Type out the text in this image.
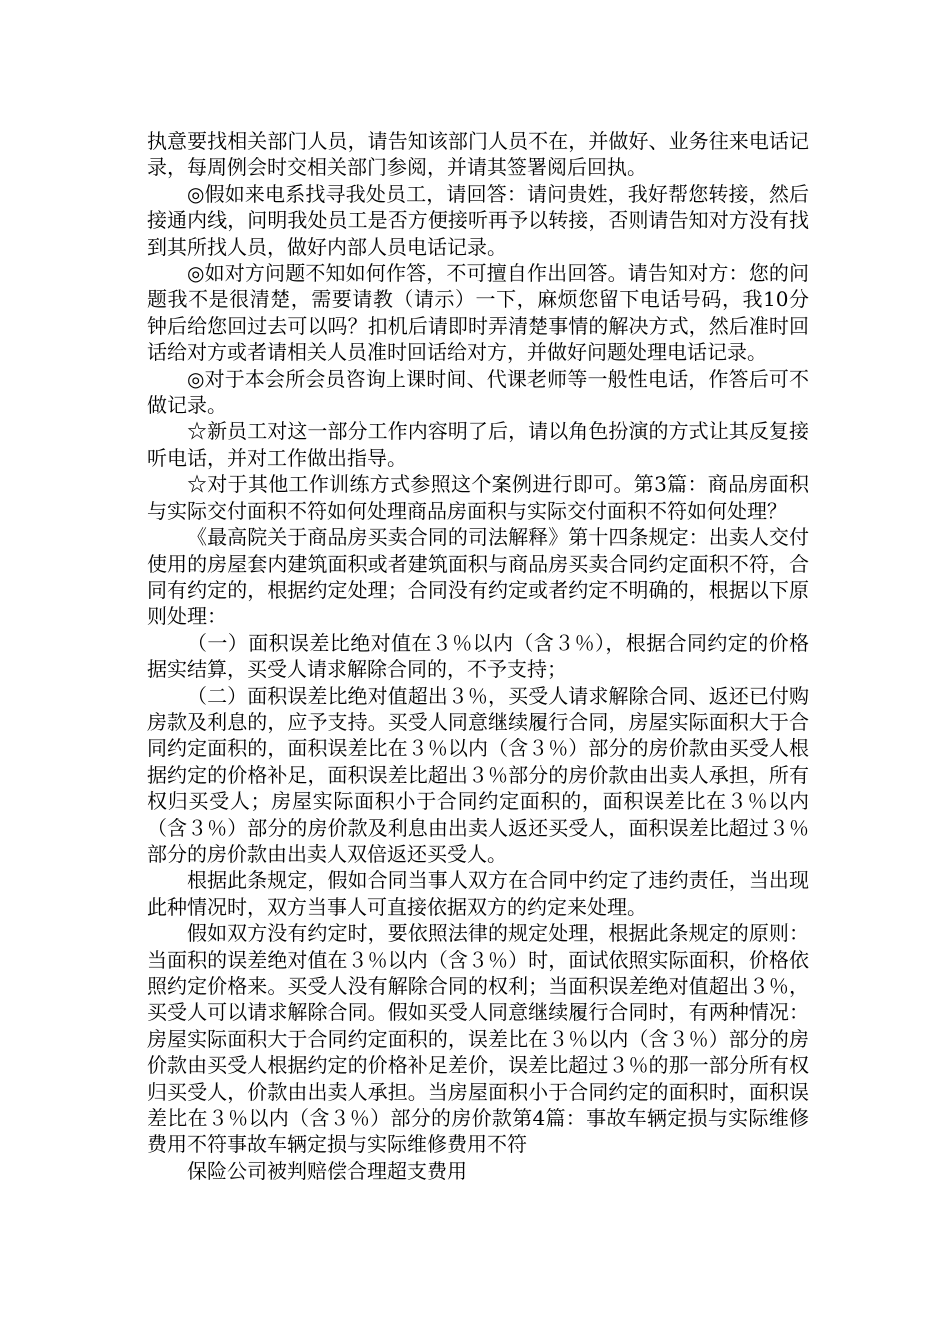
执意要找相关部门人员，请告知该部门人员不在，并做好、业务往来电话记录，每周例会时交相关部门参阅，并请其签署阅后回执。

◎假如来电系找寻我处员工，请回答：请问贵姓，我好帮您转接，然后接通内线，问明我处员工是否方便接听再予以转接，否则请告知对方没有找到其所找人员，做好内部人员电话记录。

◎如对方问题不知如何作答，不可擅自作出回答。请告知对方：您的问题我不是很清楚，需要请教（请示）一下，麻烦您留下电话号码，我10分钟后给您回过去可以吗？扣机后请即时弄清楚事情的解决方式，然后准时回话给对方或者请相关人员准时回话给对方，并做好问题处理电话记录。

◎对于本会所会员咨询上课时间、代课老师等一般性电话，作答后可不做记录。

☆新员工对这一部分工作内容明了后，请以角色扮演的方式让其反复接听电话，并对工作做出指导。

☆对于其他工作训练方式参照这个案例进行即可。第3篇：商品房面积与实际交付面积不符如何处理商品房面积与实际交付面积不符如何处理？

《最高院关于商品房买卖合同的司法解释》第十四条规定：出卖人交付使用的房屋套内建筑面积或者建筑面积与商品房买卖合同约定面积不符，合同有约定的，根据约定处理；合同没有约定或者约定不明确的，根据以下原则处理：

（一）面积误差比绝对值在３％以内（含３％），根据合同约定的价格据实结算，买受人请求解除合同的，不予支持；

（二）面积误差比绝对值超出３％，买受人请求解除合同、返还已付购房款及利息的，应予支持。买受人同意继续履行合同，房屋实际面积大于合同约定面积的，面积误差比在３％以内（含３％）部分的房价款由买受人根据约定的价格补足，面积误差比超出３％部分的房价款由出卖人承担，所有权归买受人；房屋实际面积小于合同约定面积的，面积误差比在３％以内（含３％）部分的房价款及利息由出卖人返还买受人，面积误差比超过３％部分的房价款由出卖人双倍返还买受人。

根据此条规定，假如合同当事人双方在合同中约定了违约责任，当出现此种情况时，双方当事人可直接依据双方的约定来处理。

假如双方没有约定时，要依照法律的规定处理，根据此条规定的原则：当面积的误差绝对值在３％以内（含３％）时，面试依照实际面积，价格依照约定价格来。买受人没有解除合同的权利；当面积误差绝对值超出３％，买受人可以请求解除合同。假如买受人同意继续履行合同时，有两种情况：房屋实际面积大于合同约定面积的，误差比在３％以内（含３％）部分的房价款由买受人根据约定的价格补足差价，误差比超过３％的那一部分所有权归买受人，价款由出卖人承担。当房屋面积小于合同约定的面积时，面积误差比在３％以内（含３％）部分的房价款第4篇：事故车辆定损与实际维修费用不符事故车辆定损与实际维修费用不符

保险公司被判赔偿合理超支费用
